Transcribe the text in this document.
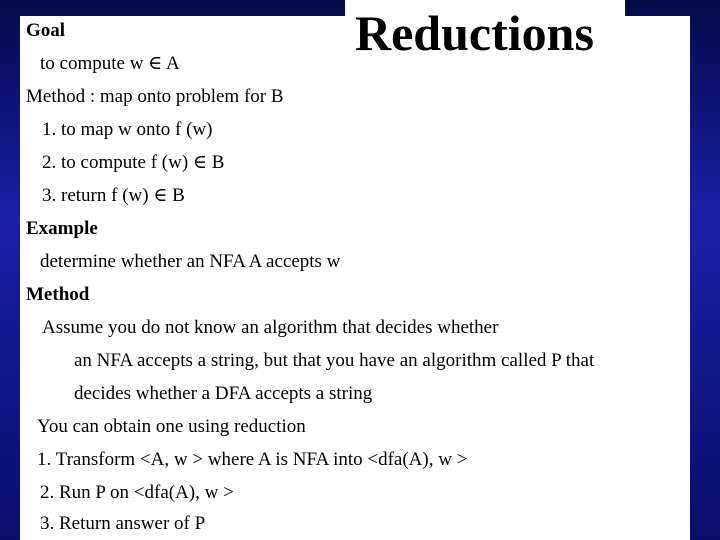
Reductions
Goal
to compute w ∈ A
Method : map onto problem for B
1. to map w onto f (w)
2. to compute f (w) ∈ B
3. return f (w) ∈ B
Example
determine whether an NFA A accepts w
Method
Assume you do not know an algorithm that decides whether
an NFA accepts a string, but that you have an algorithm called P that
decides whether a DFA accepts a string
You can obtain one using reduction
1. Transform <A, w > where A is NFA into <dfa(A), w >
2. Run P on <dfa(A), w >
3. Return answer of P
